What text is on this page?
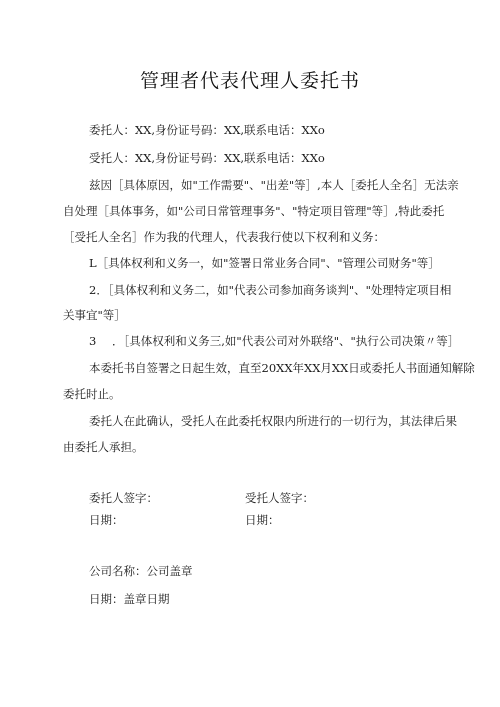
管理者代表代理人委托书
委托人：XX,身份证号码：XX,联系电话：XXo
受托人：XX,身份证号码：XX,联系电话：XXo
兹因［具体原因，如"工作需要"、"出差"等］,本人［委托人全名］无法亲
自处理［具体事务，如"公司日常管理事务"、"特定项目管理"等］,特此委托
［受托人全名］作为我的代理人，代表我行使以下权利和义务：
L［具体权利和义务一，如"签署日常业务合同"、"管理公司财务"等］
2．［具体权利和义务二，如"代表公司参加商务谈判"、"处理特定项目相
关事宜"等］
3 ．［具体权利和义务三,如"代表公司对外联络"、"执行公司决策〃等］
本委托书自签署之日起生效，直至20XX年XX月XX日或委托人书面通知解除
委托时止。
委托人在此确认，受托人在此委托权限内所进行的一切行为，其法律后果
由委托人承担。
委托人签字：
日期：
受托人签字：
日期：
公司名称：公司盖章
日期：盖章日期
